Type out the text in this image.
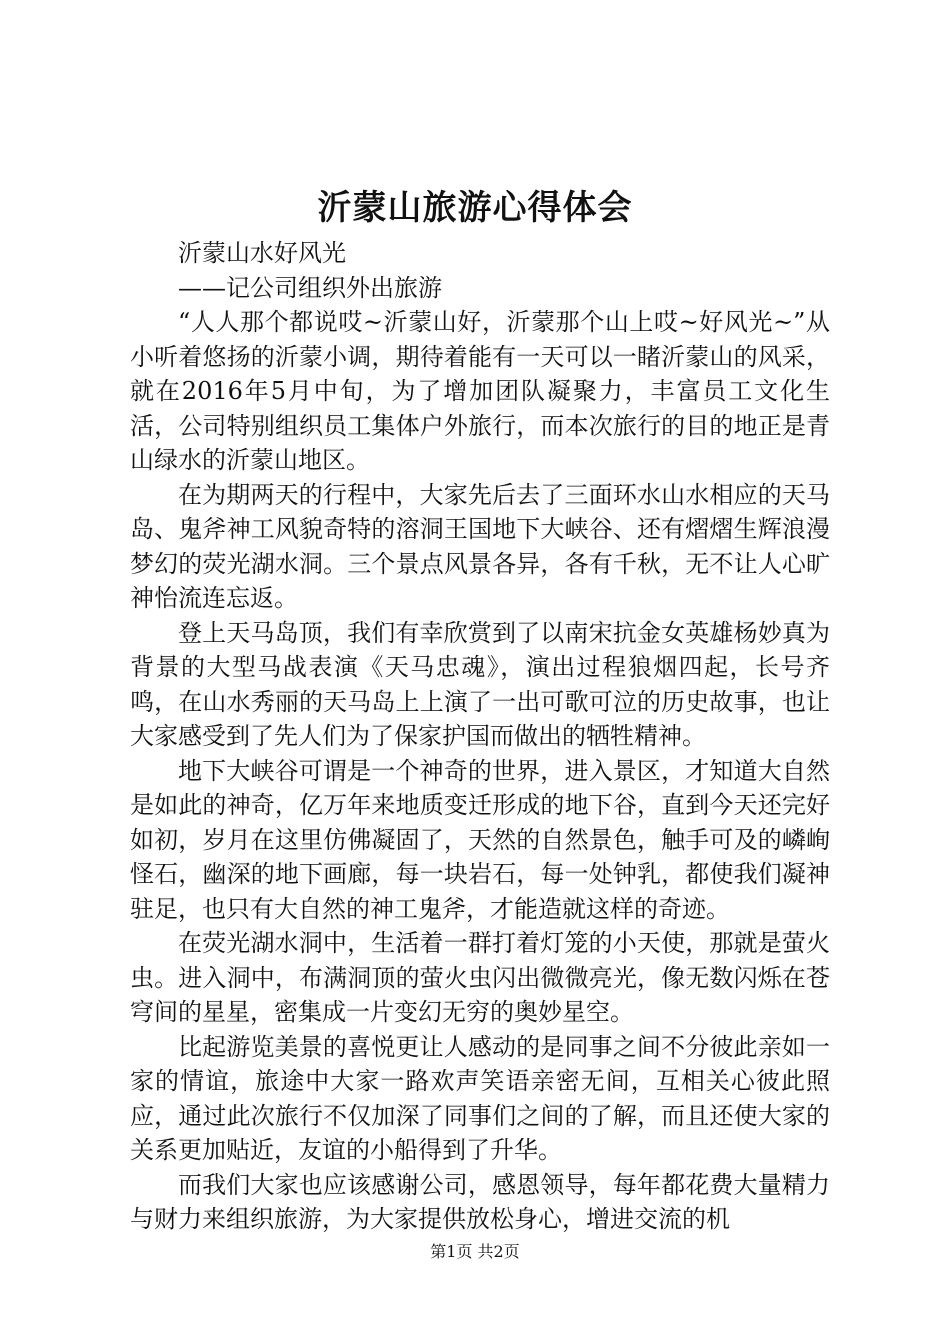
沂蒙山旅游心得体会

沂蒙山水好风光

——记公司组织外出旅游

“人人那个都说哎~沂蒙山好，沂蒙那个山上哎~好风光~”从小听着悠扬的沂蒙小调，期待着能有一天可以一睹沂蒙山的风采，就在2016年5月中旬，为了增加团队凝聚力，丰富员工文化生活，公司特别组织员工集体户外旅行，而本次旅行的目的地正是青山绿水的沂蒙山地区。

在为期两天的行程中，大家先后去了三面环水山水相应的天马岛、鬼斧神工风貌奇特的溶洞王国地下大峡谷、还有熠熠生辉浪漫梦幻的荧光湖水洞。三个景点风景各异，各有千秋，无不让人心旷神怡流连忘返。

登上天马岛顶，我们有幸欣赏到了以南宋抗金女英雄杨妙真为背景的大型马战表演《天马忠魂》，演出过程狼烟四起，长号齐鸣，在山水秀丽的天马岛上上演了一出可歌可泣的历史故事，也让大家感受到了先人们为了保家护国而做出的牺牲精神。

地下大峡谷可谓是一个神奇的世界，进入景区，才知道大自然是如此的神奇，亿万年来地质变迁形成的地下谷，直到今天还完好如初，岁月在这里仿佛凝固了，天然的自然景色，触手可及的嶙峋怪石，幽深的地下画廊，每一块岩石，每一处钟乳，都使我们凝神驻足，也只有大自然的神工鬼斧，才能造就这样的奇迹。

在荧光湖水洞中，生活着一群打着灯笼的小天使，那就是萤火虫。进入洞中，布满洞顶的萤火虫闪出微微亮光，像无数闪烁在苍穹间的星星，密集成一片变幻无穷的奥妙星空。

比起游览美景的喜悦更让人感动的是同事之间不分彼此亲如一家的情谊，旅途中大家一路欢声笑语亲密无间，互相关心彼此照应，通过此次旅行不仅加深了同事们之间的了解，而且还使大家的关系更加贴近，友谊的小船得到了升华。

而我们大家也应该感谢公司，感恩领导，每年都花费大量精力与财力来组织旅游，为大家提供放松身心，增进交流的机

第1页 共2页
